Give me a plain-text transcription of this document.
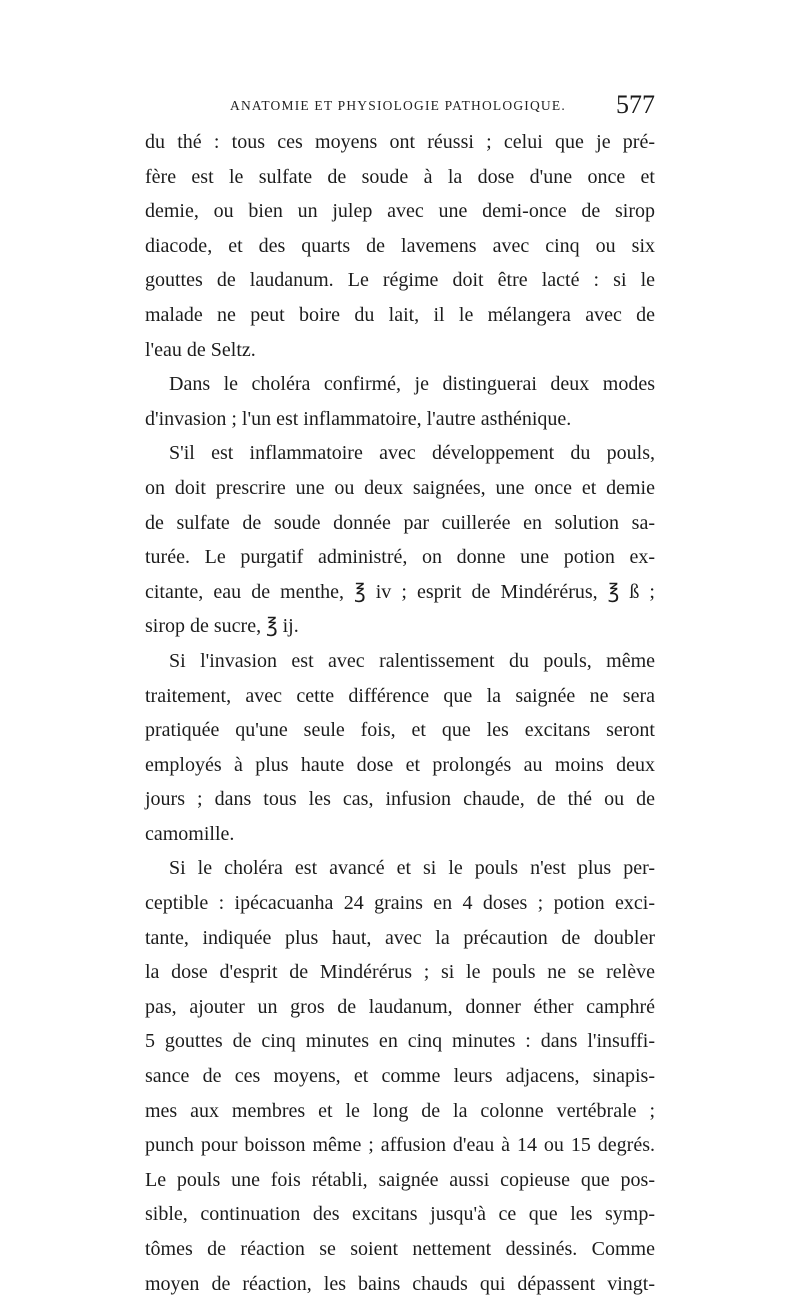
ANATOMIE ET PHYSIOLOGIE PATHOLOGIQUE. 577
du thé : tous ces moyens ont réussi ; celui que je pré-
fère est le sulfate de soude à la dose d'une once et
demie, ou bien un julep avec une demi-once de sirop
diacode, et des quarts de lavemens avec cinq ou six
gouttes de laudanum. Le régime doit être lacté : si le
malade ne peut boire du lait, il le mélangera avec de
l'eau de Seltz.
Dans le choléra confirmé, je distinguerai deux modes
d'invasion ; l'un est inflammatoire, l'autre asthénique.
S'il est inflammatoire avec développement du pouls,
on doit prescrire une ou deux saignées, une once et demie
de sulfate de soude donnée par cuillerée en solution sa-
turée. Le purgatif administré, on donne une potion ex-
citante, eau de menthe, ℥ iv ; esprit de Mindérérus, ℥ ß ;
sirop de sucre, ℥ ij.
Si l'invasion est avec ralentissement du pouls, même
traitement, avec cette différence que la saignée ne sera
pratiquée qu'une seule fois, et que les excitans seront
employés à plus haute dose et prolongés au moins deux
jours ; dans tous les cas, infusion chaude, de thé ou de
camomille.
Si le choléra est avancé et si le pouls n'est plus per-
ceptible : ipécacuanha 24 grains en 4 doses ; potion exci-
tante, indiquée plus haut, avec la précaution de doubler
la dose d'esprit de Mindérérus ; si le pouls ne se relève
pas, ajouter un gros de laudanum, donner éther camphré
5 gouttes de cinq minutes en cinq minutes : dans l'insuffi-
sance de ces moyens, et comme leurs adjacens, sinapis-
mes aux membres et le long de la colonne vertébrale ;
punch pour boisson même ; affusion d'eau à 14 ou 15 degrés.
Le pouls une fois rétabli, saignée aussi copieuse que pos-
sible, continuation des excitans jusqu'à ce que les symp-
tômes de réaction se soient nettement dessinés. Comme
moyen de réaction, les bains chauds qui dépassent vingt-
